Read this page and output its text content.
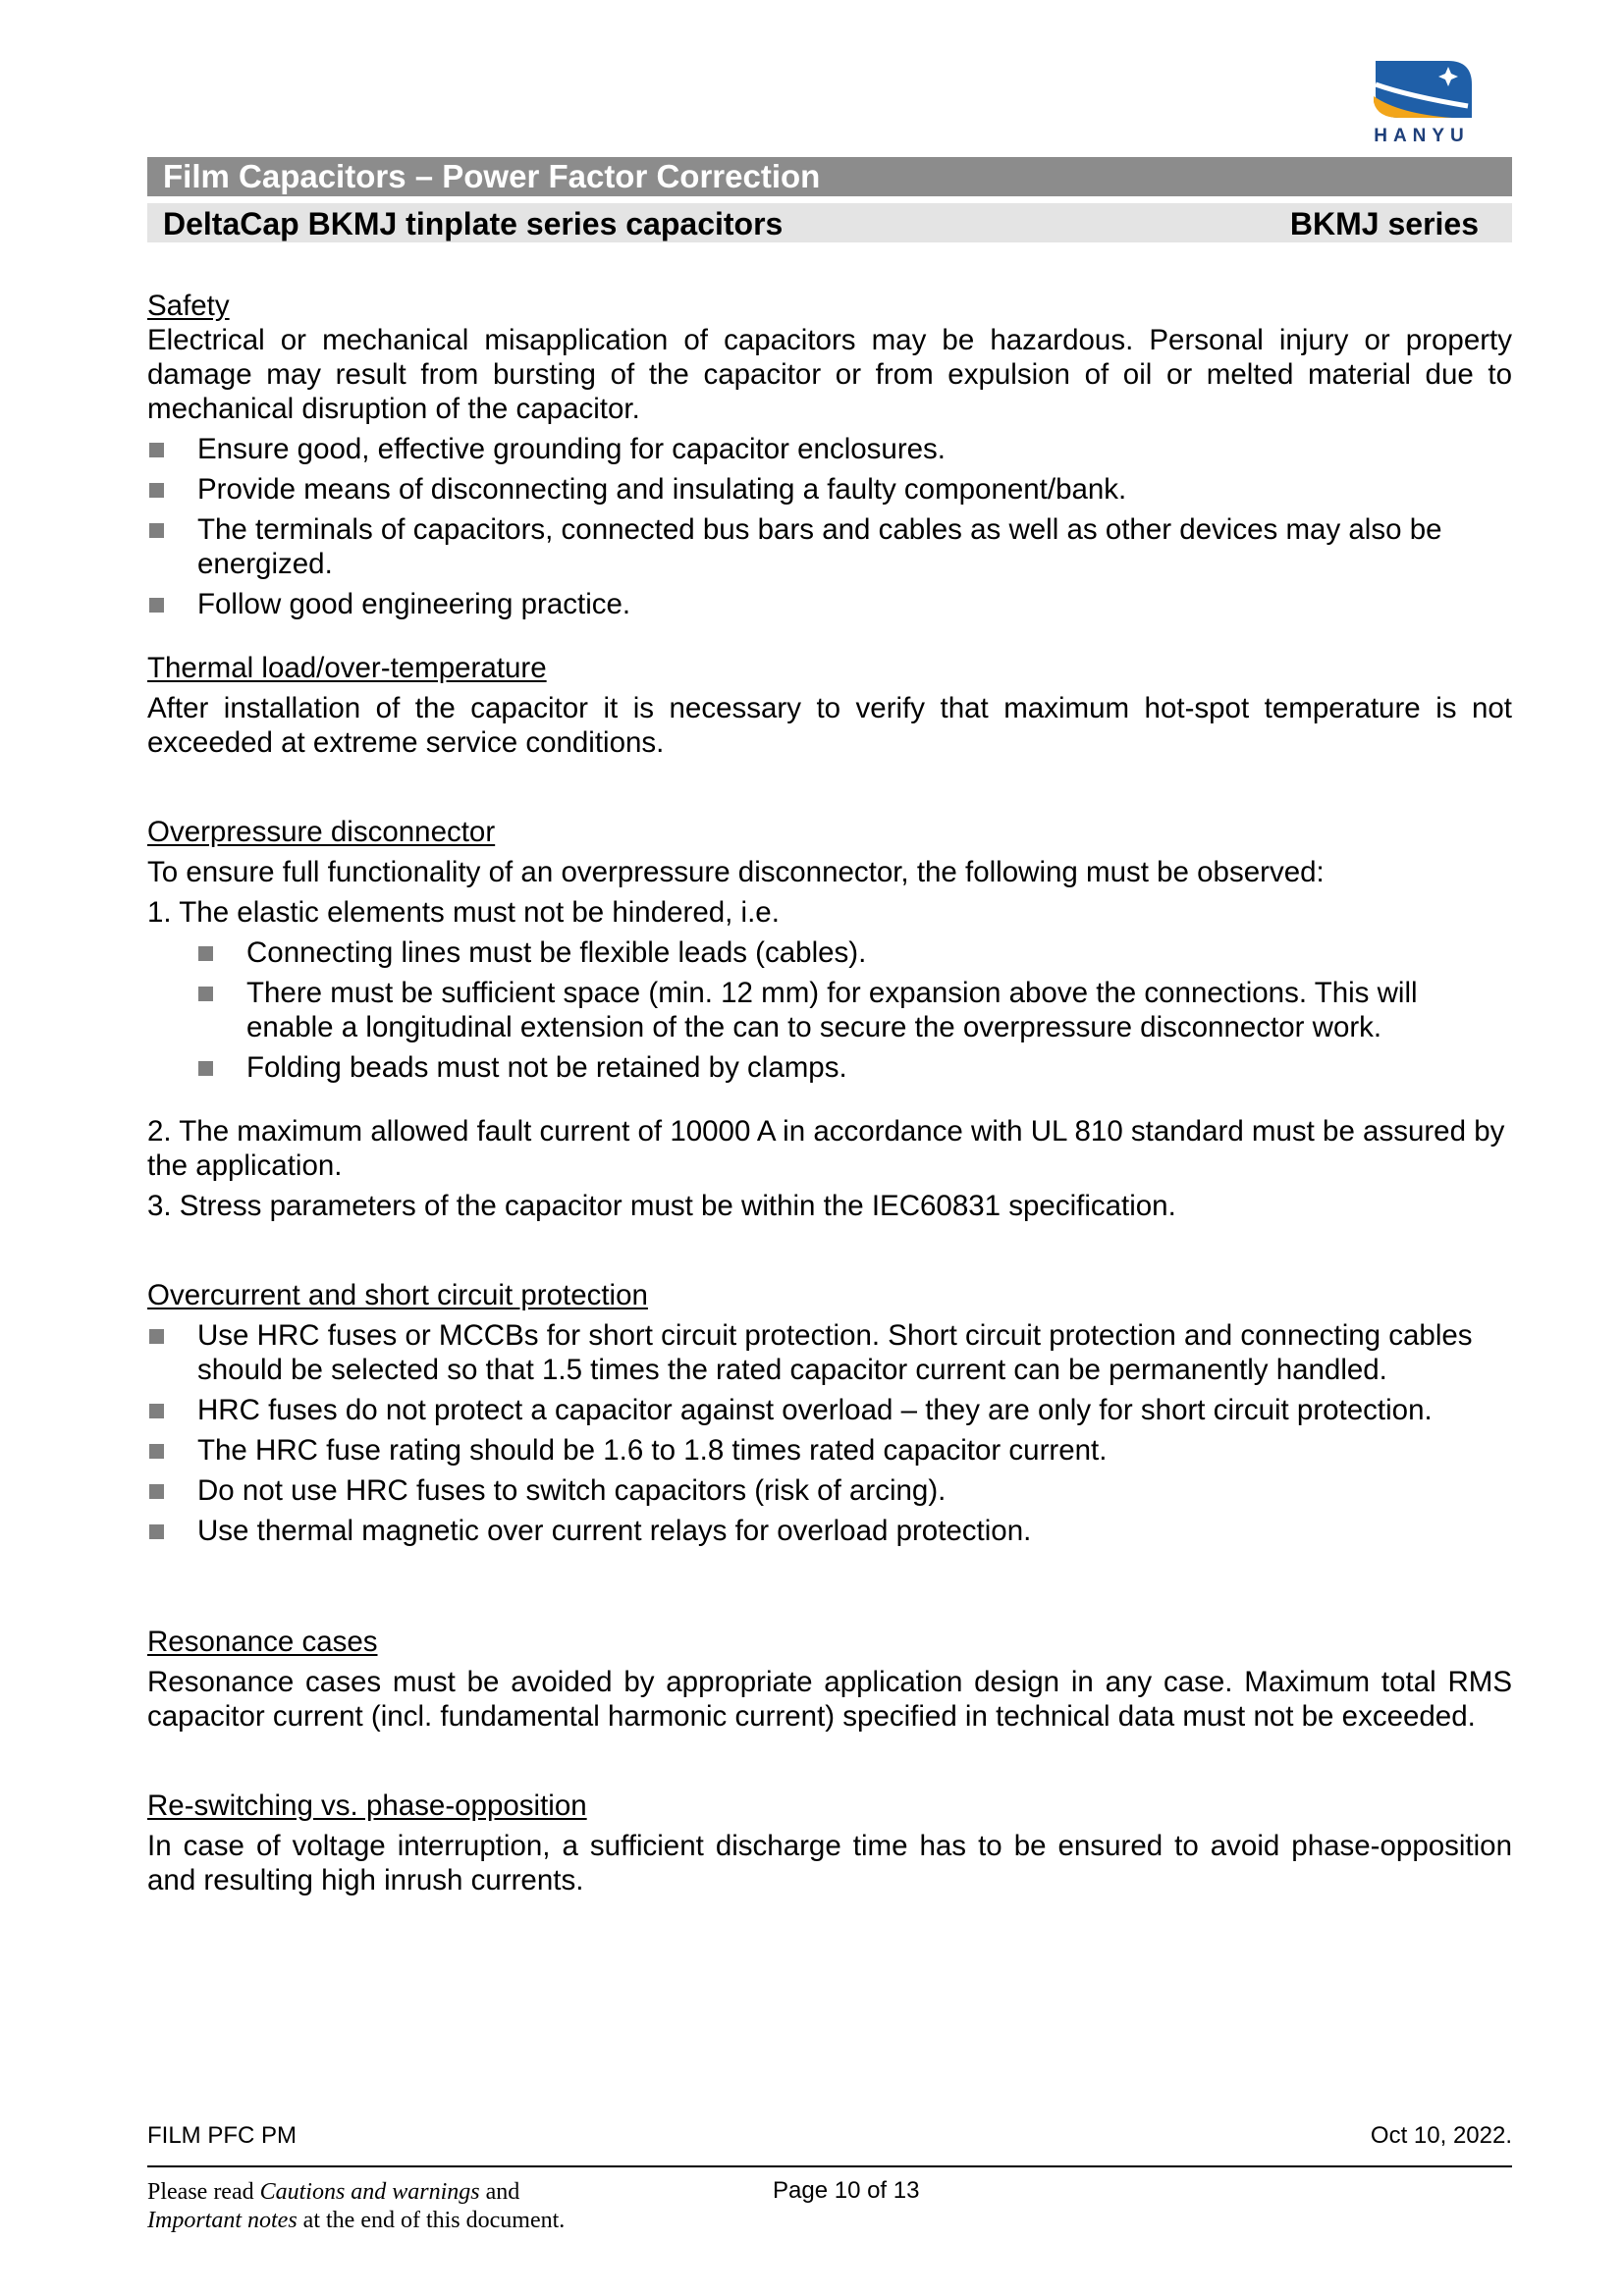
HANYU
Film Capacitors – Power Factor Correction
DeltaCap BKMJ tinplate series capacitors	BKMJ series

Safety

Electrical or mechanical misapplication of capacitors may be hazardous. Personal injury or property damage may result from bursting of the capacitor or from expulsion of oil or melted material due to mechanical disruption of the capacitor.

Ensure good, effective grounding for capacitor enclosures.
Provide means of disconnecting and insulating a faulty component/bank.
The terminals of capacitors, connected bus bars and cables as well as other devices may also be energized.
Follow good engineering practice.

Thermal load/over-temperature

After installation of the capacitor it is necessary to verify that maximum hot-spot temperature is not exceeded at extreme service conditions.

Overpressure disconnector

To ensure full functionality of an overpressure disconnector, the following must be observed:

1. The elastic elements must not be hindered, i.e.

Connecting lines must be flexible leads (cables).
There must be sufficient space (min. 12 mm) for expansion above the connections. This will enable a longitudinal extension of the can to secure the overpressure disconnector work.
Folding beads must not be retained by clamps.

2. The maximum allowed fault current of 10000 A in accordance with UL 810 standard must be assured by the application.

3. Stress parameters of the capacitor must be within the IEC60831 specification.

Overcurrent and short circuit protection

Use HRC fuses or MCCBs for short circuit protection. Short circuit protection and connecting cables should be selected so that 1.5 times the rated capacitor current can be permanently handled.
HRC fuses do not protect a capacitor against overload – they are only for short circuit protection.
The HRC fuse rating should be 1.6 to 1.8 times rated capacitor current.
Do not use HRC fuses to switch capacitors (risk of arcing).
Use thermal magnetic over current relays for overload protection.

Resonance cases

Resonance cases must be avoided by appropriate application design in any case. Maximum total RMS capacitor current (incl. fundamental harmonic current) specified in technical data must not be exceeded.

Re-switching vs. phase-opposition

In case of voltage interruption, a sufficient discharge time has to be ensured to avoid phase-opposition and resulting high inrush currents.

FILM PFC PM	Oct 10, 2022.
Please read Cautions and warnings and
Important notes at the end of this document.
Page 10 of 13
